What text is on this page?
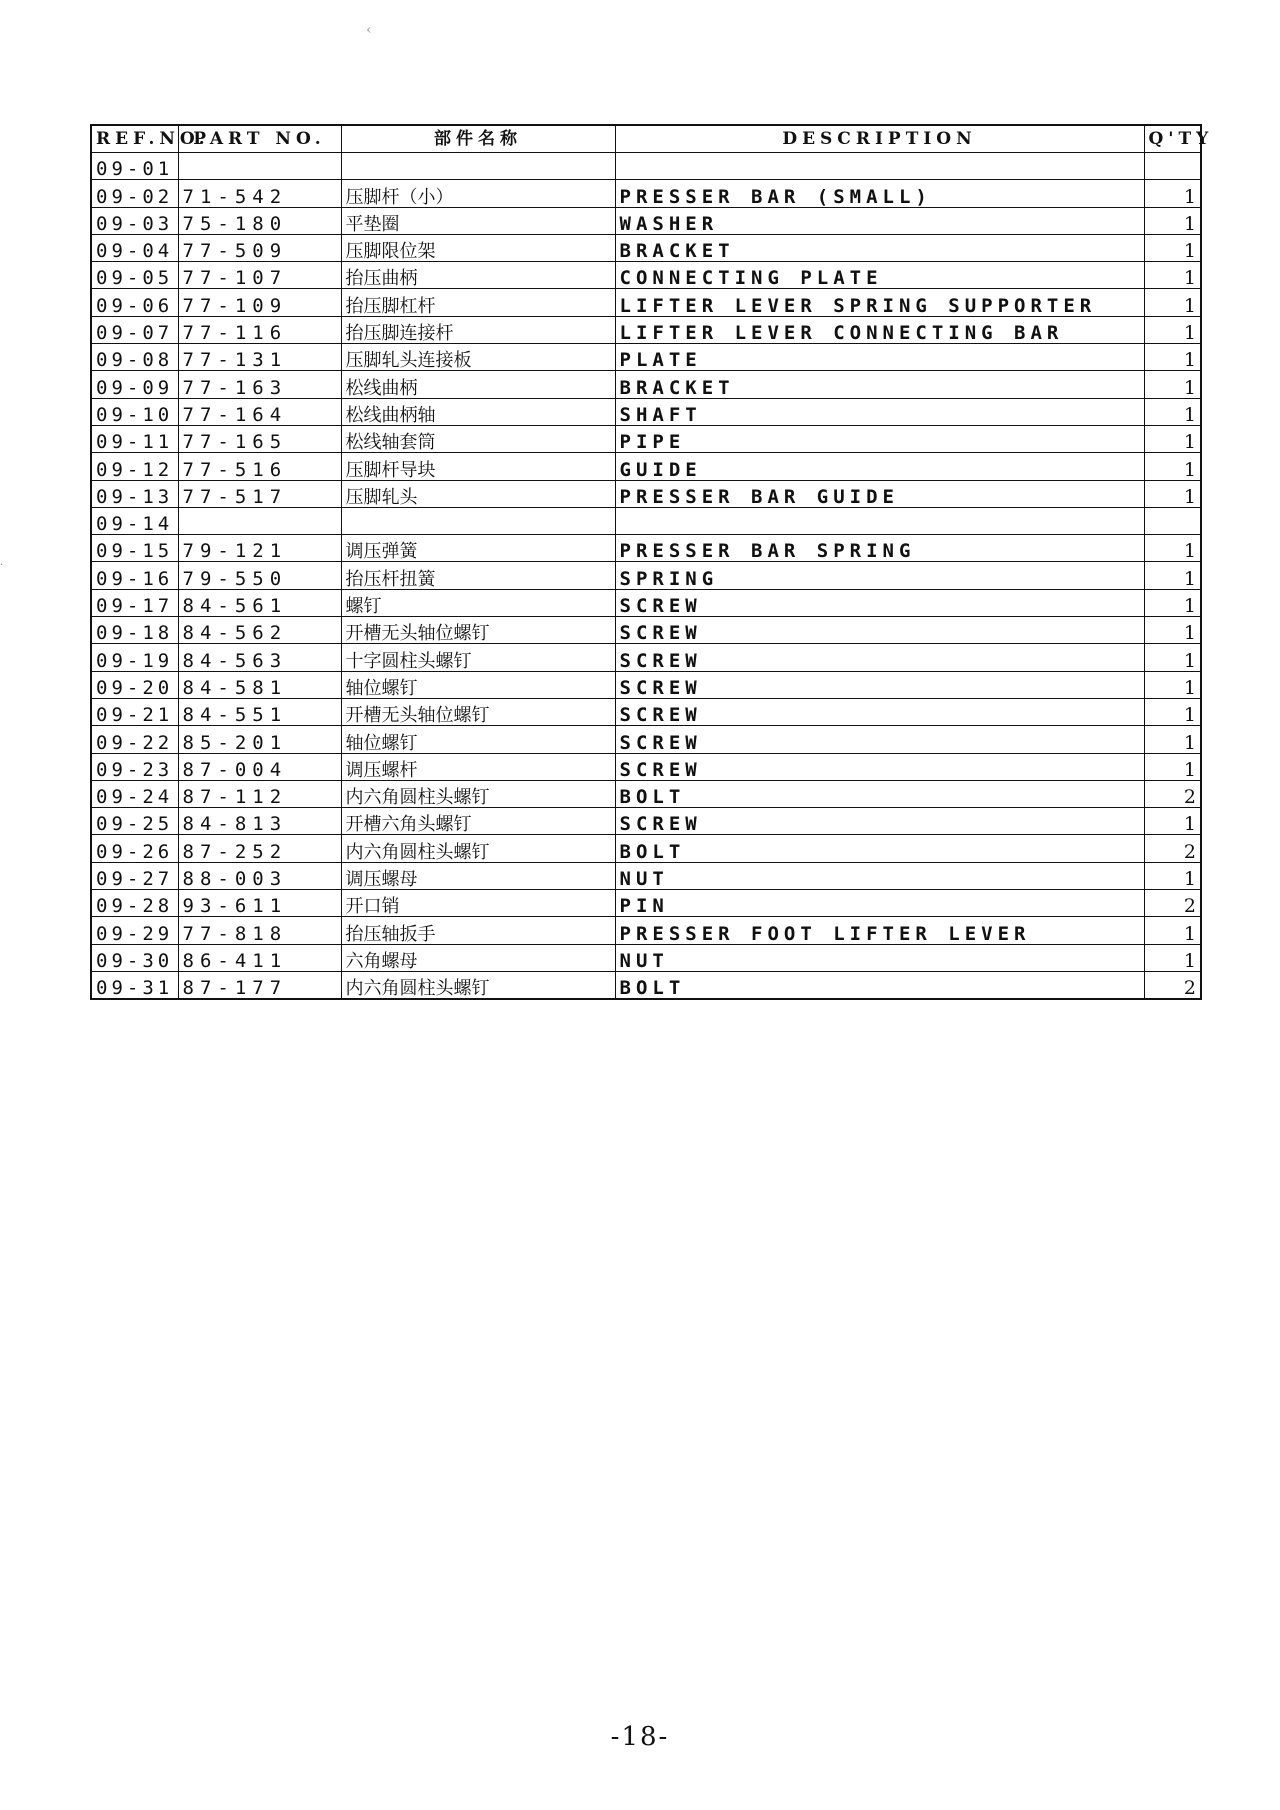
‹
·
REF.NO.	PART NO.	部件名称	DESCRIPTION	Q'TY
09-01				
09-02	71-542	压脚杆（小）	PRESSER BAR (SMALL)	1
09-03	75-180	平垫圈	WASHER	1
09-04	77-509	压脚限位架	BRACKET	1
09-05	77-107	抬压曲柄	CONNECTING PLATE	1
09-06	77-109	抬压脚杠杆	LIFTER LEVER SPRING SUPPORTER	1
09-07	77-116	抬压脚连接杆	LIFTER LEVER CONNECTING BAR	1
09-08	77-131	压脚轧头连接板	PLATE	1
09-09	77-163	松线曲柄	BRACKET	1
09-10	77-164	松线曲柄轴	SHAFT	1
09-11	77-165	松线轴套筒	PIPE	1
09-12	77-516	压脚杆导块	GUIDE	1
09-13	77-517	压脚轧头	PRESSER BAR GUIDE	1
09-14				
09-15	79-121	调压弹簧	PRESSER BAR SPRING	1
09-16	79-550	抬压杆扭簧	SPRING	1
09-17	84-561	螺钉	SCREW	1
09-18	84-562	开槽无头轴位螺钉	SCREW	1
09-19	84-563	十字圆柱头螺钉	SCREW	1
09-20	84-581	轴位螺钉	SCREW	1
09-21	84-551	开槽无头轴位螺钉	SCREW	1
09-22	85-201	轴位螺钉	SCREW	1
09-23	87-004	调压螺杆	SCREW	1
09-24	87-112	内六角圆柱头螺钉	BOLT	2
09-25	84-813	开槽六角头螺钉	SCREW	1
09-26	87-252	内六角圆柱头螺钉	BOLT	2
09-27	88-003	调压螺母	NUT	1
09-28	93-611	开口销	PIN	2
09-29	77-818	抬压轴扳手	PRESSER FOOT LIFTER LEVER	1
09-30	86-411	六角螺母	NUT	1
09-31	87-177	内六角圆柱头螺钉	BOLT	2
-18-
